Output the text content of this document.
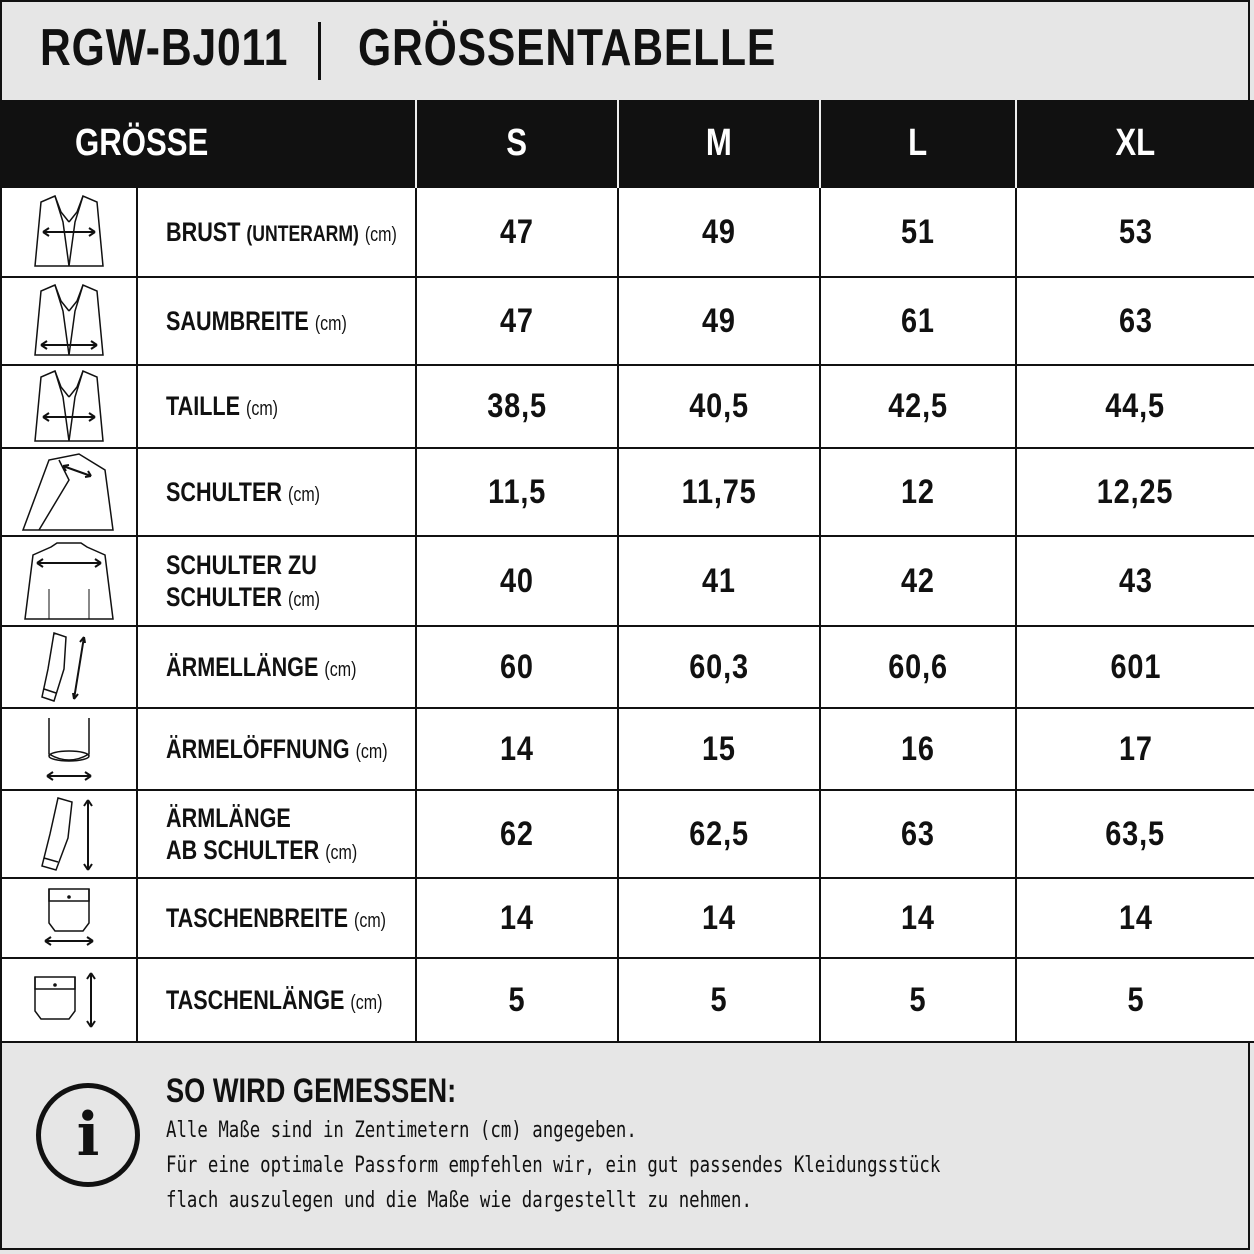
RGW-BJ011 GRÖSSENTABELLE
GRÖSSE		S	M	L	XL

	BRUST (UNTERARM) (cm)	47	49	51	53

	SAUMBREITE (cm)	47	49	61	63

	TAILLE (cm)	38,5	40,5	42,5	44,5

	SCHULTER (cm)	11,5	11,75	12	12,25

	SCHULTER ZU
SCHULTER (cm)	40	41	42	43

	ÄRMELLÄNGE (cm)	60	60,3	60,6	601

	ÄRMELÖFFNUNG (cm)	14	15	16	17

	ÄRMLÄNGE
AB SCHULTER (cm)	62	62,5	63	63,5

	TASCHENBREITE (cm)	14	14	14	14

	TASCHENLÄNGE (cm)	5	5	5	5
i
SO WIRD GEMESSEN:
Alle Maße sind in Zentimetern (cm) angegeben.
Für eine optimale Passform empfehlen wir, ein gut passendes Kleidungsstück
flach auszulegen und die Maße wie dargestellt zu nehmen.
